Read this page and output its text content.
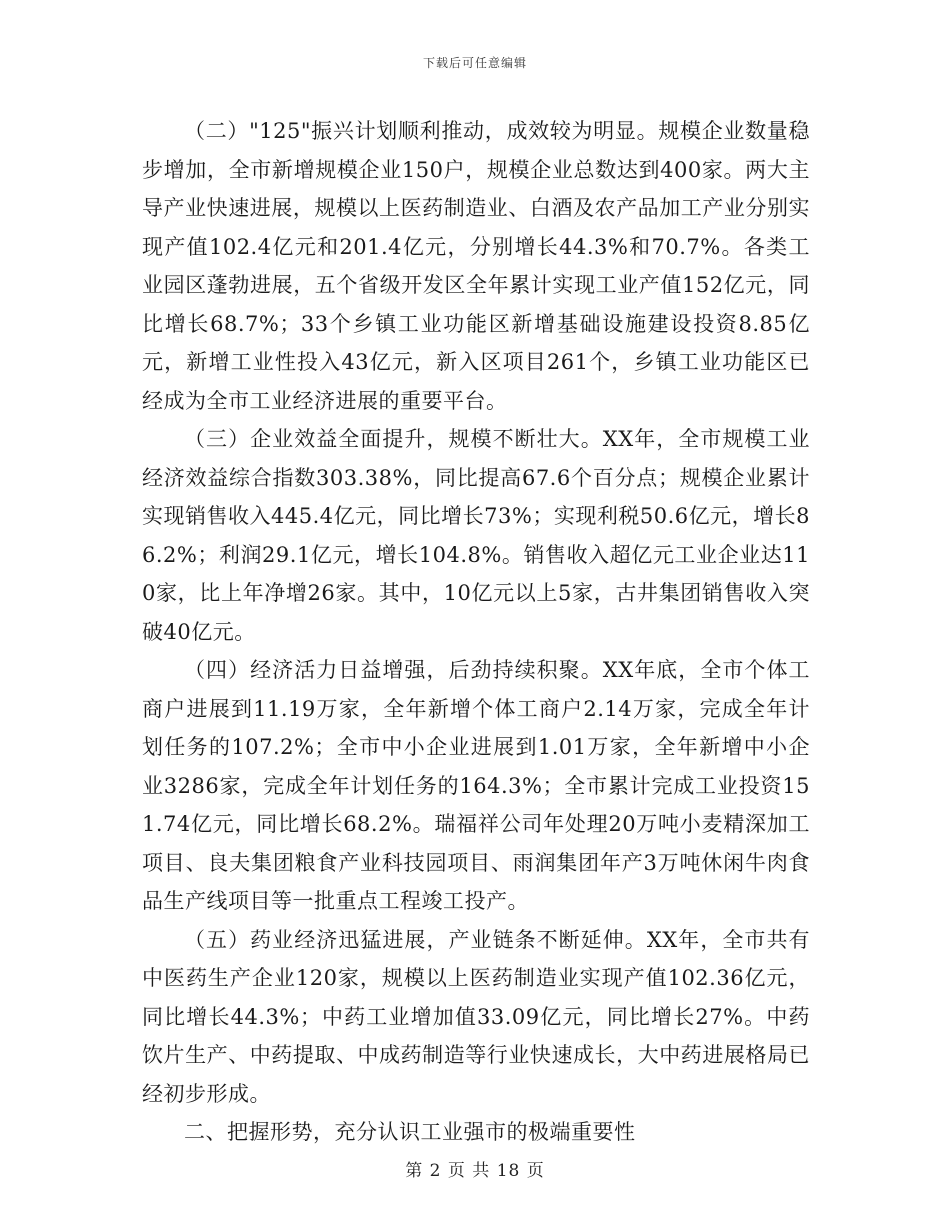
下载后可任意编辑

（二）"125"振兴计划顺利推动，成效较为明显。规模企业数量稳步增加，全市新增规模企业150户，规模企业总数达到400家。两大主导产业快速进展，规模以上医药制造业、白酒及农产品加工产业分别实现产值102.4亿元和201.4亿元，分别增长44.3%和70.7%。各类工业园区蓬勃进展，五个省级开发区全年累计实现工业产值152亿元，同比增长68.7%；33个乡镇工业功能区新增基础设施建设投资8.85亿元，新增工业性投入43亿元，新入区项目261个，乡镇工业功能区已经成为全市工业经济进展的重要平台。

（三）企业效益全面提升，规模不断壮大。XX年，全市规模工业经济效益综合指数303.38%，同比提高67.6个百分点；规模企业累计实现销售收入445.4亿元，同比增长73%；实现利税50.6亿元，增长86.2%；利润29.1亿元，增长104.8%。销售收入超亿元工业企业达110家，比上年净增26家。其中，10亿元以上5家，古井集团销售收入突破40亿元。

（四）经济活力日益增强，后劲持续积聚。XX年底，全市个体工商户进展到11.19万家，全年新增个体工商户2.14万家，完成全年计划任务的107.2%；全市中小企业进展到1.01万家，全年新增中小企业3286家，完成全年计划任务的164.3%；全市累计完成工业投资151.74亿元，同比增长68.2%。瑞福祥公司年处理20万吨小麦精深加工项目、良夫集团粮食产业科技园项目、雨润集团年产3万吨休闲牛肉食品生产线项目等一批重点工程竣工投产。

（五）药业经济迅猛进展，产业链条不断延伸。XX年，全市共有中医药生产企业120家，规模以上医药制造业实现产值102.36亿元，同比增长44.3%；中药工业增加值33.09亿元，同比增长27%。中药饮片生产、中药提取、中成药制造等行业快速成长，大中药进展格局已经初步形成。

二、把握形势，充分认识工业强市的极端重要性

第 2 页 共 18 页
